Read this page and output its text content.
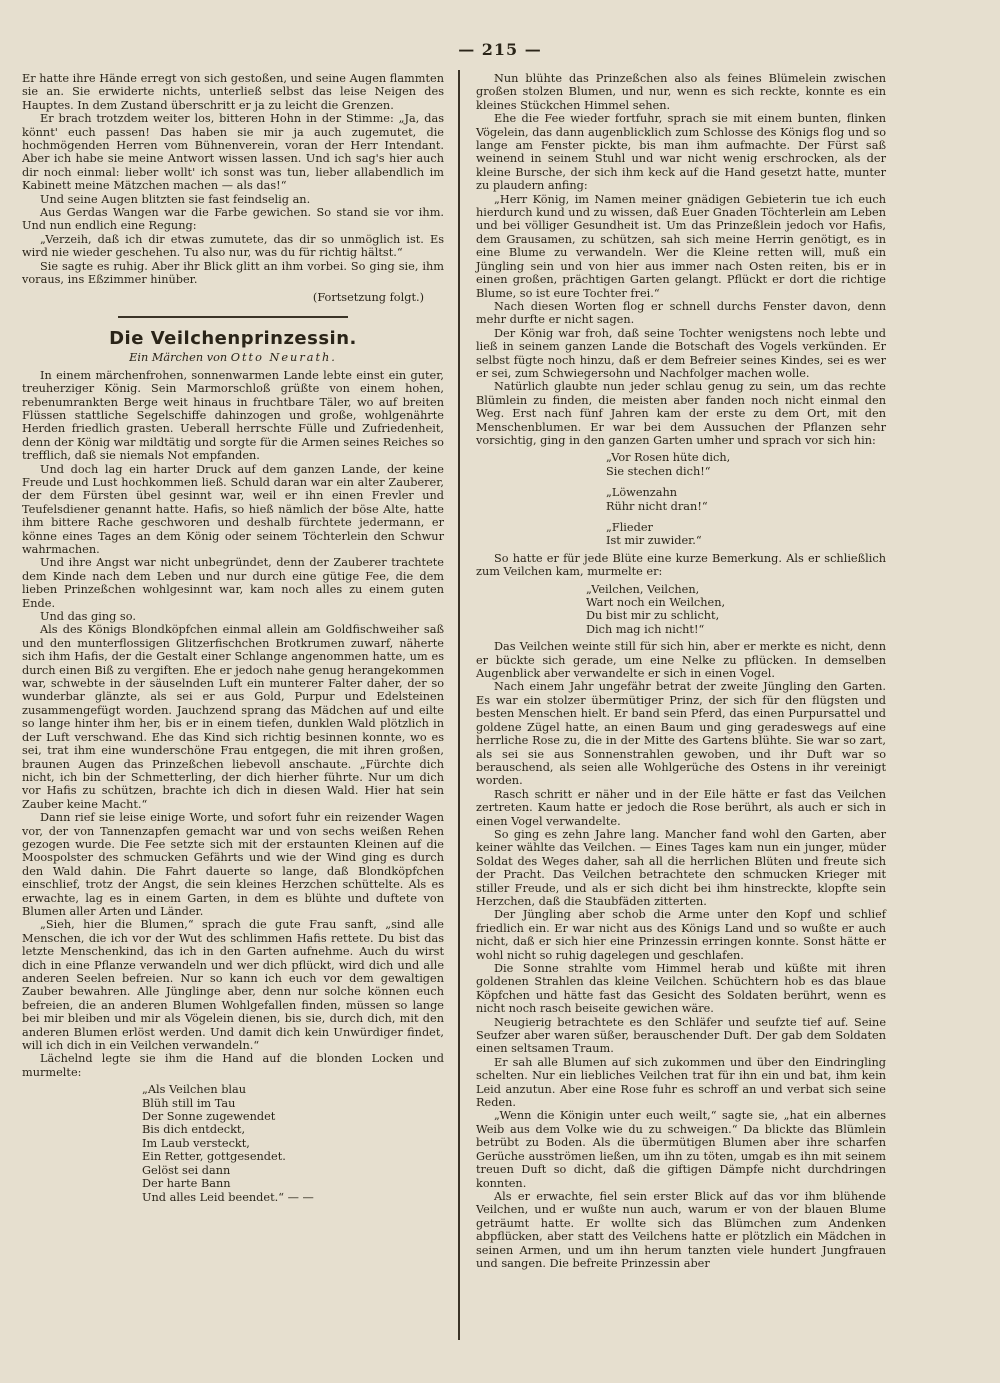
— 215 —

Er hatte ihre Hände erregt von sich gestoßen, und seine Augen flammten sie an. Sie erwiderte nichts, unterließ selbst das leise Neigen des Hauptes. In dem Zustand überschritt er ja zu leicht die Grenzen.

Er brach trotzdem weiter los, bitteren Hohn in der Stimme: „Ja, das könnt' euch passen! Das haben sie mir ja auch zugemutet, die hochmögenden Herren vom Bühnenverein, voran der Herr Intendant. Aber ich habe sie meine Antwort wissen lassen. Und ich sag's hier auch dir noch einmal: lieber wollt' ich sonst was tun, lieber allabendlich im Kabinett meine Mätzchen machen — als das!“

Und seine Augen blitzten sie fast feindselig an.

Aus Gerdas Wangen war die Farbe gewichen. So stand sie vor ihm. Und nun endlich eine Regung:

„Verzeih, daß ich dir etwas zumutete, das dir so unmöglich ist. Es wird nie wieder geschehen. Tu also nur, was du für richtig hältst.“

Sie sagte es ruhig. Aber ihr Blick glitt an ihm vorbei. So ging sie, ihm voraus, ins Eßzimmer hinüber.

(Fortsetzung folgt.)

Die Veilchenprinzessin.
Ein Märchen von Otto Neurath.

In einem märchenfrohen, sonnenwarmen Lande lebte einst ein guter, treuherziger König. Sein Marmorschloß grüßte von einem hohen, rebenumrankten Berge weit hinaus in fruchtbare Täler, wo auf breiten Flüssen stattliche Segelschiffe dahinzogen und große, wohlgenährte Herden friedlich grasten. Ueberall herrschte Fülle und Zufriedenheit, denn der König war mildtätig und sorgte für die Armen seines Reiches so trefflich, daß sie niemals Not empfanden.

Und doch lag ein harter Druck auf dem ganzen Lande, der keine Freude und Lust hochkommen ließ. Schuld daran war ein alter Zauberer, der dem Fürsten übel gesinnt war, weil er ihn einen Frevler und Teufelsdiener genannt hatte. Hafis, so hieß nämlich der böse Alte, hatte ihm bittere Rache geschworen und deshalb fürchtete jedermann, er könne eines Tages an dem König oder seinem Töchterlein den Schwur wahrmachen.

Und ihre Angst war nicht unbegründet, denn der Zauberer trachtete dem Kinde nach dem Leben und nur durch eine gütige Fee, die dem lieben Prinzeßchen wohlgesinnt war, kam noch alles zu einem guten Ende.

Und das ging so.

Als des Königs Blondköpfchen einmal allein am Goldfischweiher saß und den munterflossigen Glitzerfischchen Brotkrumen zuwarf, näherte sich ihm Hafis, der die Gestalt einer Schlange angenommen hatte, um es durch einen Biß zu vergiften. Ehe er jedoch nahe genug herangekommen war, schwebte in der säuselnden Luft ein munterer Falter daher, der so wunderbar glänzte, als sei er aus Gold, Purpur und Edelsteinen zusammengefügt worden. Jauchzend sprang das Mädchen auf und eilte so lange hinter ihm her, bis er in einem tiefen, dunklen Wald plötzlich in der Luft verschwand. Ehe das Kind sich richtig besinnen konnte, wo es sei, trat ihm eine wunderschöne Frau entgegen, die mit ihren großen, braunen Augen das Prinzeßchen liebevoll anschaute. „Fürchte dich nicht, ich bin der Schmetterling, der dich hierher führte. Nur um dich vor Hafis zu schützen, brachte ich dich in diesen Wald. Hier hat sein Zauber keine Macht.“

Dann rief sie leise einige Worte, und sofort fuhr ein reizender Wagen vor, der von Tannenzapfen gemacht war und von sechs weißen Rehen gezogen wurde. Die Fee setzte sich mit der erstaunten Kleinen auf die Moospolster des schmucken Gefährts und wie der Wind ging es durch den Wald dahin. Die Fahrt dauerte so lange, daß Blondköpfchen einschlief, trotz der Angst, die sein kleines Herzchen schüttelte. Als es erwachte, lag es in einem Garten, in dem es blühte und duftete von Blumen aller Arten und Länder.

„Sieh, hier die Blumen,“ sprach die gute Frau sanft, „sind alle Menschen, die ich vor der Wut des schlimmen Hafis rettete. Du bist das letzte Menschenkind, das ich in den Garten aufnehme. Auch du wirst dich in eine Pflanze verwandeln und wer dich pflückt, wird dich und alle anderen Seelen befreien. Nur so kann ich euch vor dem gewaltigen Zauber bewahren. Alle Jünglinge aber, denn nur solche können euch befreien, die an anderen Blumen Wohlgefallen finden, müssen so lange bei mir bleiben und mir als Vögelein dienen, bis sie, durch dich, mit den anderen Blumen erlöst werden. Und damit dich kein Unwürdiger findet, will ich dich in ein Veilchen verwandeln.“

Lächelnd legte sie ihm die Hand auf die blonden Locken und murmelte:

„Als Veilchen blau
Blüh still im Tau
Der Sonne zugewendet
Bis dich entdeckt,
Im Laub versteckt,
Ein Retter, gottgesendet.
Gelöst sei dann
Der harte Bann
Und alles Leid beendet.“ — —

Nun blühte das Prinzeßchen also als feines Blümelein zwischen großen stolzen Blumen, und nur, wenn es sich reckte, konnte es ein kleines Stückchen Himmel sehen.

Ehe die Fee wieder fortfuhr, sprach sie mit einem bunten, flinken Vögelein, das dann augenblicklich zum Schlosse des Königs flog und so lange am Fenster pickte, bis man ihm aufmachte. Der Fürst saß weinend in seinem Stuhl und war nicht wenig erschrocken, als der kleine Bursche, der sich ihm keck auf die Hand gesetzt hatte, munter zu plaudern anfing:

„Herr König, im Namen meiner gnädigen Gebieterin tue ich euch hierdurch kund und zu wissen, daß Euer Gnaden Töchterlein am Leben und bei völliger Gesundheit ist. Um das Prinzeßlein jedoch vor Hafis, dem Grausamen, zu schützen, sah sich meine Herrin genötigt, es in eine Blume zu verwandeln. Wer die Kleine retten will, muß ein Jüngling sein und von hier aus immer nach Osten reiten, bis er in einen großen, prächtigen Garten gelangt. Pflückt er dort die richtige Blume, so ist eure Tochter frei.“

Nach diesen Worten flog er schnell durchs Fenster davon, denn mehr durfte er nicht sagen.

Der König war froh, daß seine Tochter wenigstens noch lebte und ließ in seinem ganzen Lande die Botschaft des Vogels verkünden. Er selbst fügte noch hinzu, daß er dem Befreier seines Kindes, sei es wer er sei, zum Schwiegersohn und Nachfolger machen wolle.

Natürlich glaubte nun jeder schlau genug zu sein, um das rechte Blümlein zu finden, die meisten aber fanden noch nicht einmal den Weg. Erst nach fünf Jahren kam der erste zu dem Ort, mit den Menschenblumen. Er war bei dem Aussuchen der Pflanzen sehr vorsichtig, ging in den ganzen Garten umher und sprach vor sich hin:

„Vor Rosen hüte dich,
Sie stechen dich!“
„Löwenzahn
Rühr nicht dran!“
„Flieder
Ist mir zuwider.“

So hatte er für jede Blüte eine kurze Bemerkung. Als er schließlich zum Veilchen kam, murmelte er:

„Veilchen, Veilchen,
Wart noch ein Weilchen,
Du bist mir zu schlicht,
Dich mag ich nicht!“

Das Veilchen weinte still für sich hin, aber er merkte es nicht, denn er bückte sich gerade, um eine Nelke zu pflücken. In demselben Augenblick aber verwandelte er sich in einen Vogel.

Nach einem Jahr ungefähr betrat der zweite Jüngling den Garten. Es war ein stolzer übermütiger Prinz, der sich für den flügsten und besten Menschen hielt. Er band sein Pferd, das einen Purpursattel und goldene Zügel hatte, an einen Baum und ging geradeswegs auf eine herrliche Rose zu, die in der Mitte des Gartens blühte. Sie war so zart, als sei sie aus Sonnenstrahlen gewoben, und ihr Duft war so berauschend, als seien alle Wohlgerüche des Ostens in ihr vereinigt worden.

Rasch schritt er näher und in der Eile hätte er fast das Veilchen zertreten. Kaum hatte er jedoch die Rose berührt, als auch er sich in einen Vogel verwandelte.

So ging es zehn Jahre lang. Mancher fand wohl den Garten, aber keiner wählte das Veilchen. — Eines Tages kam nun ein junger, müder Soldat des Weges daher, sah all die herrlichen Blüten und freute sich der Pracht. Das Veilchen betrachtete den schmucken Krieger mit stiller Freude, und als er sich dicht bei ihm hinstreckte, klopfte sein Herzchen, daß die Staubfäden zitterten.

Der Jüngling aber schob die Arme unter den Kopf und schlief friedlich ein. Er war nicht aus des Königs Land und so wußte er auch nicht, daß er sich hier eine Prinzessin erringen konnte. Sonst hätte er wohl nicht so ruhig dagelegen und geschlafen.

Die Sonne strahlte vom Himmel herab und küßte mit ihren goldenen Strahlen das kleine Veilchen. Schüchtern hob es das blaue Köpfchen und hätte fast das Gesicht des Soldaten berührt, wenn es nicht noch rasch beiseite gewichen wäre.

Neugierig betrachtete es den Schläfer und seufzte tief auf. Seine Seufzer aber waren süßer, berauschender Duft. Der gab dem Soldaten einen seltsamen Traum.

Er sah alle Blumen auf sich zukommen und über den Eindringling schelten. Nur ein liebliches Veilchen trat für ihn ein und bat, ihm kein Leid anzutun. Aber eine Rose fuhr es schroff an und verbat sich seine Reden.

„Wenn die Königin unter euch weilt,“ sagte sie, „hat ein albernes Weib aus dem Volke wie du zu schweigen.“ Da blickte das Blümlein betrübt zu Boden. Als die übermütigen Blumen aber ihre scharfen Gerüche ausströmen ließen, um ihn zu töten, umgab es ihn mit seinem treuen Duft so dicht, daß die giftigen Dämpfe nicht durchdringen konnten.

Als er erwachte, fiel sein erster Blick auf das vor ihm blühende Veilchen, und er wußte nun auch, warum er von der blauen Blume geträumt hatte. Er wollte sich das Blümchen zum Andenken abpflücken, aber statt des Veilchens hatte er plötzlich ein Mädchen in seinen Armen, und um ihn herum tanzten viele hundert Jungfrauen und sangen. Die befreite Prinzessin aber
